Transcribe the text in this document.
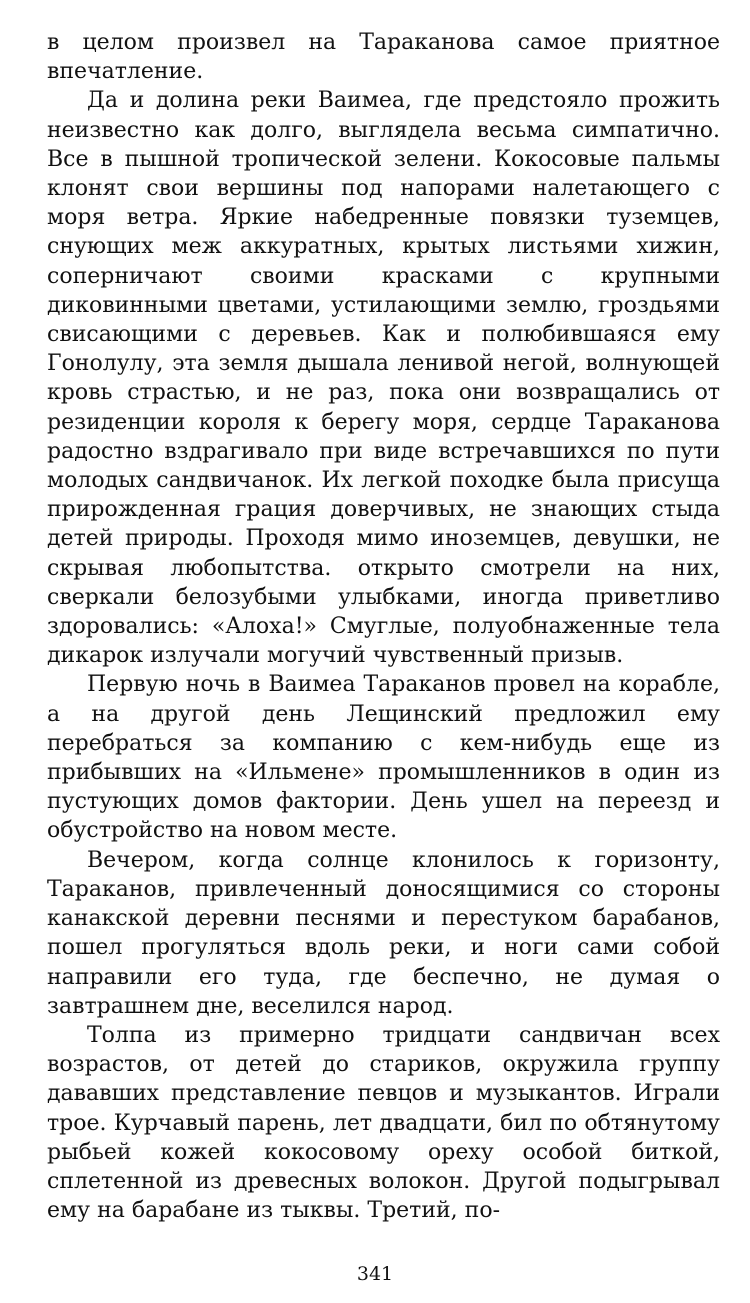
в целом произвел на Тараканова самое приятное впечатление.

Да и долина реки Ваимеа, где предстояло прожить неизвестно как долго, выглядела весьма симпатично. Все в пышной тропической зелени. Кокосовые пальмы клонят свои вершины под напорами налетающего с моря ветра. Яркие набедренные повязки туземцев, снующих меж аккуратных, крытых листьями хижин, соперничают своими красками с крупными диковинными цветами, устилающими землю, гроздьями свисающими с деревьев. Как и полюбившаяся ему Гонолулу, эта земля дышала ленивой негой, волнующей кровь страстью, и не раз, пока они возвращались от резиденции короля к берегу моря, сердце Тараканова радостно вздрагивало при виде встречавшихся по пути молодых сандвичанок. Их легкой походке была присуща прирожденная грация доверчивых, не знающих стыда детей природы. Проходя мимо иноземцев, девушки, не скрывая любопытства. открыто смотрели на них, сверкали белозубыми улыбками, иногда приветливо здоровались: «Алоха!» Смуглые, полуобнаженные тела дикарок излучали могучий чувственный призыв.

Первую ночь в Ваимеа Тараканов провел на корабле, а на другой день Лещинский предложил ему перебраться за компанию с кем-нибудь еще из прибывших на «Ильмене» промышленников в один из пустующих домов фактории. День ушел на переезд и обустройство на новом месте.

Вечером, когда солнце клонилось к горизонту, Тараканов, привлеченный доносящимися со стороны канакской деревни песнями и перестуком барабанов, пошел прогуляться вдоль реки, и ноги сами собой направили его туда, где беспечно, не думая о завтрашнем дне, веселился народ.

Толпа из примерно тридцати сандвичан всех возрастов, от детей до стариков, окружила группу дававших представление певцов и музыкантов. Играли трое. Курчавый парень, лет двадцати, бил по обтянутому рыбьей кожей кокосовому ореху особой биткой, сплетенной из древесных волокон. Другой подыгрывал ему на барабане из тыквы. Третий, по-

341
